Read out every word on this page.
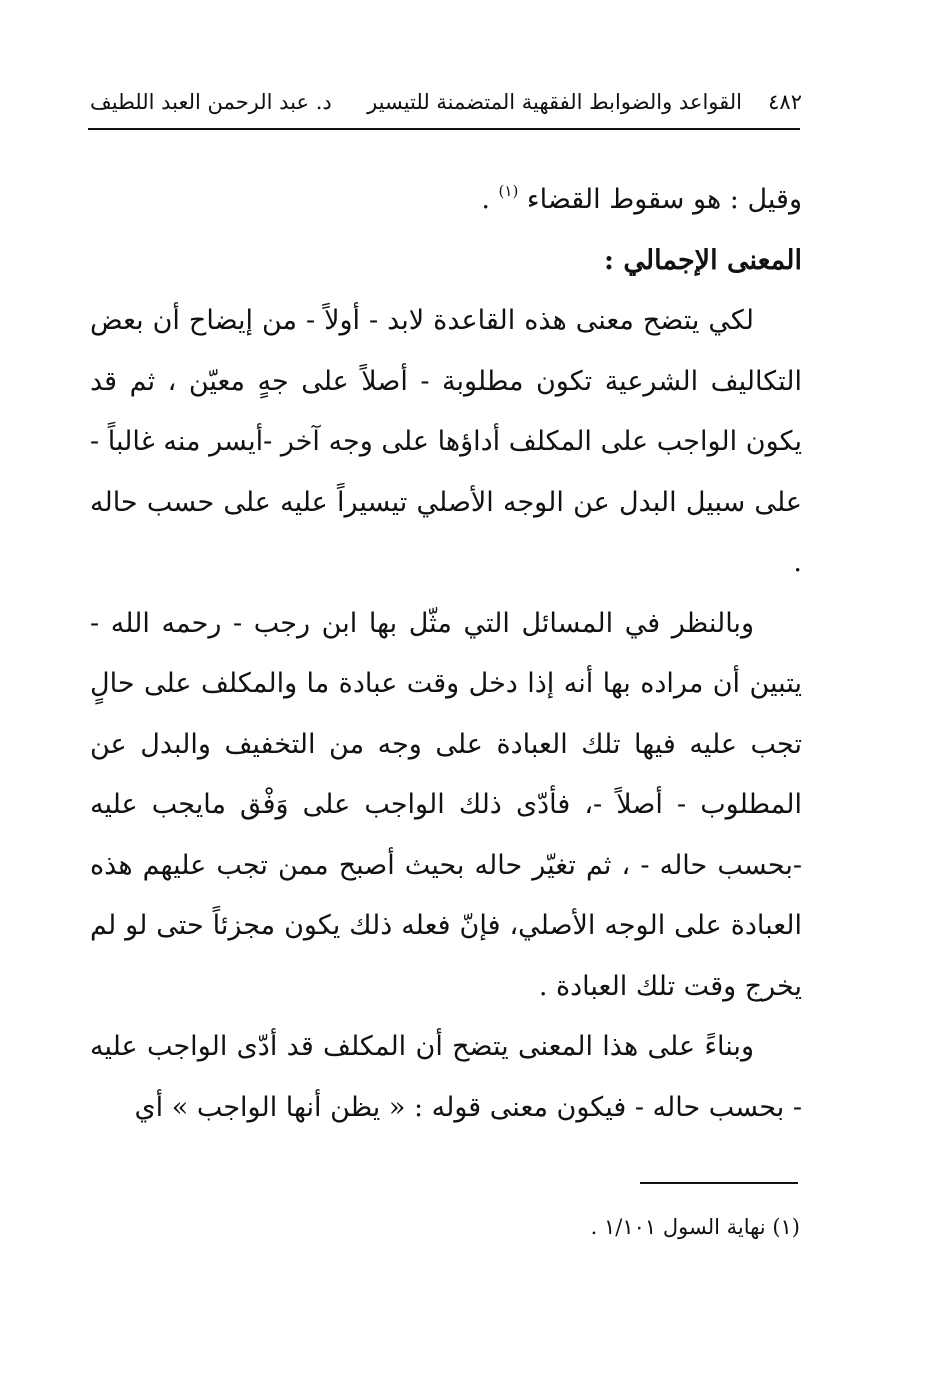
٤٨٢
القواعد والضوابط الفقهية المتضمنة للتيسير
د. عبد الرحمن العبد اللطيف

وقيل : هو سقوط القضاء $^{(١)}$ .

المعنى الإجمالي :

لكي يتضح معنى هذه القاعدة لابد - أولاً - من إيضاح أن بعض التكاليف الشرعية تكون مطلوبة - أصلاً على جهٍ معيّن ، ثم قد يكون الواجب على المكلف أداؤها على وجه آخر -أيسر منه غالباً - على سبيل البدل عن الوجه الأصلي تيسيراً عليه على حسب حاله .

وبالنظر في المسائل التي مثّل بها ابن رجب - رحمه الله - يتبين أن مراده بها أنه إذا دخل وقت عبادة ما والمكلف على حالٍ تجب عليه فيها تلك العبادة على وجه من التخفيف والبدل عن المطلوب - أصلاً -، فأدّى ذلك الواجب على وَفْق مايجب عليه -بحسب حاله - ، ثم تغيّر حاله بحيث أصبح ممن تجب عليهم هذه العبادة على الوجه الأصلي، فإنّ فعله ذلك يكون مجزئاً حتى لو لم يخرج وقت تلك العبادة .

وبناءً على هذا المعنى يتضح أن المكلف قد أدّى الواجب عليه - بحسب حاله - فيكون معنى قوله : « يظن أنها الواجب » أي

(١) نهاية السول ١/١٠١ .
